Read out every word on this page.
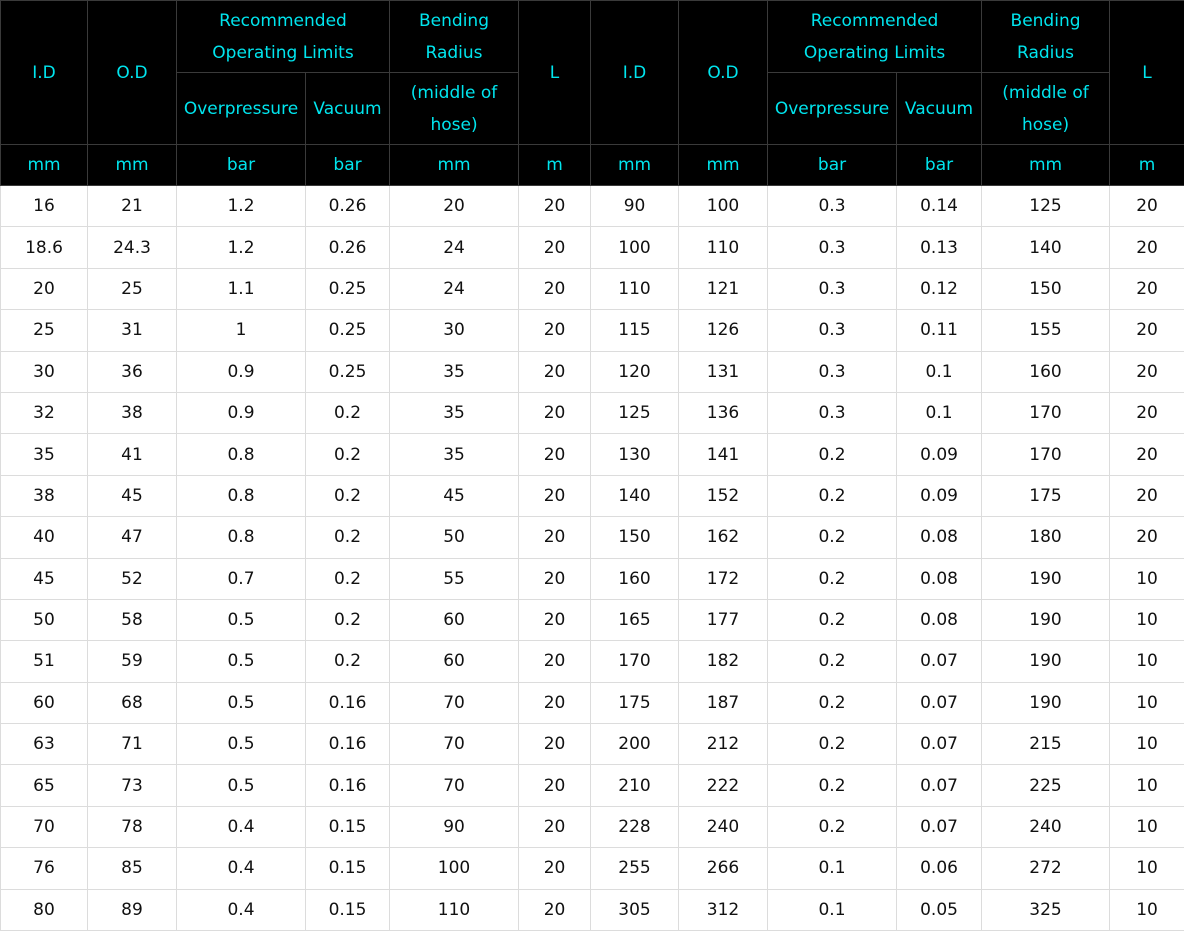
I.D	O.D	Recommended Operating Limits		Bending Radius	L	I.D	O.D	Recommended Operating Limits		Bending Radius	L
		Overpressure	Vacuum	(middle of hose)				Overpressure	Vacuum	(middle of hose)	
mm	mm	bar	bar	mm	m	mm	mm	bar	bar	mm	m
16	21	1.2	0.26	20	20	90	100	0.3	0.14	125	20
18.6	24.3	1.2	0.26	24	20	100	110	0.3	0.13	140	20
20	25	1.1	0.25	24	20	110	121	0.3	0.12	150	20
25	31	1	0.25	30	20	115	126	0.3	0.11	155	20
30	36	0.9	0.25	35	20	120	131	0.3	0.1	160	20
32	38	0.9	0.2	35	20	125	136	0.3	0.1	170	20
35	41	0.8	0.2	35	20	130	141	0.2	0.09	170	20
38	45	0.8	0.2	45	20	140	152	0.2	0.09	175	20
40	47	0.8	0.2	50	20	150	162	0.2	0.08	180	20
45	52	0.7	0.2	55	20	160	172	0.2	0.08	190	10
50	58	0.5	0.2	60	20	165	177	0.2	0.08	190	10
51	59	0.5	0.2	60	20	170	182	0.2	0.07	190	10
60	68	0.5	0.16	70	20	175	187	0.2	0.07	190	10
63	71	0.5	0.16	70	20	200	212	0.2	0.07	215	10
65	73	0.5	0.16	70	20	210	222	0.2	0.07	225	10
70	78	0.4	0.15	90	20	228	240	0.2	0.07	240	10
76	85	0.4	0.15	100	20	255	266	0.1	0.06	272	10
80	89	0.4	0.15	110	20	305	312	0.1	0.05	325	10
